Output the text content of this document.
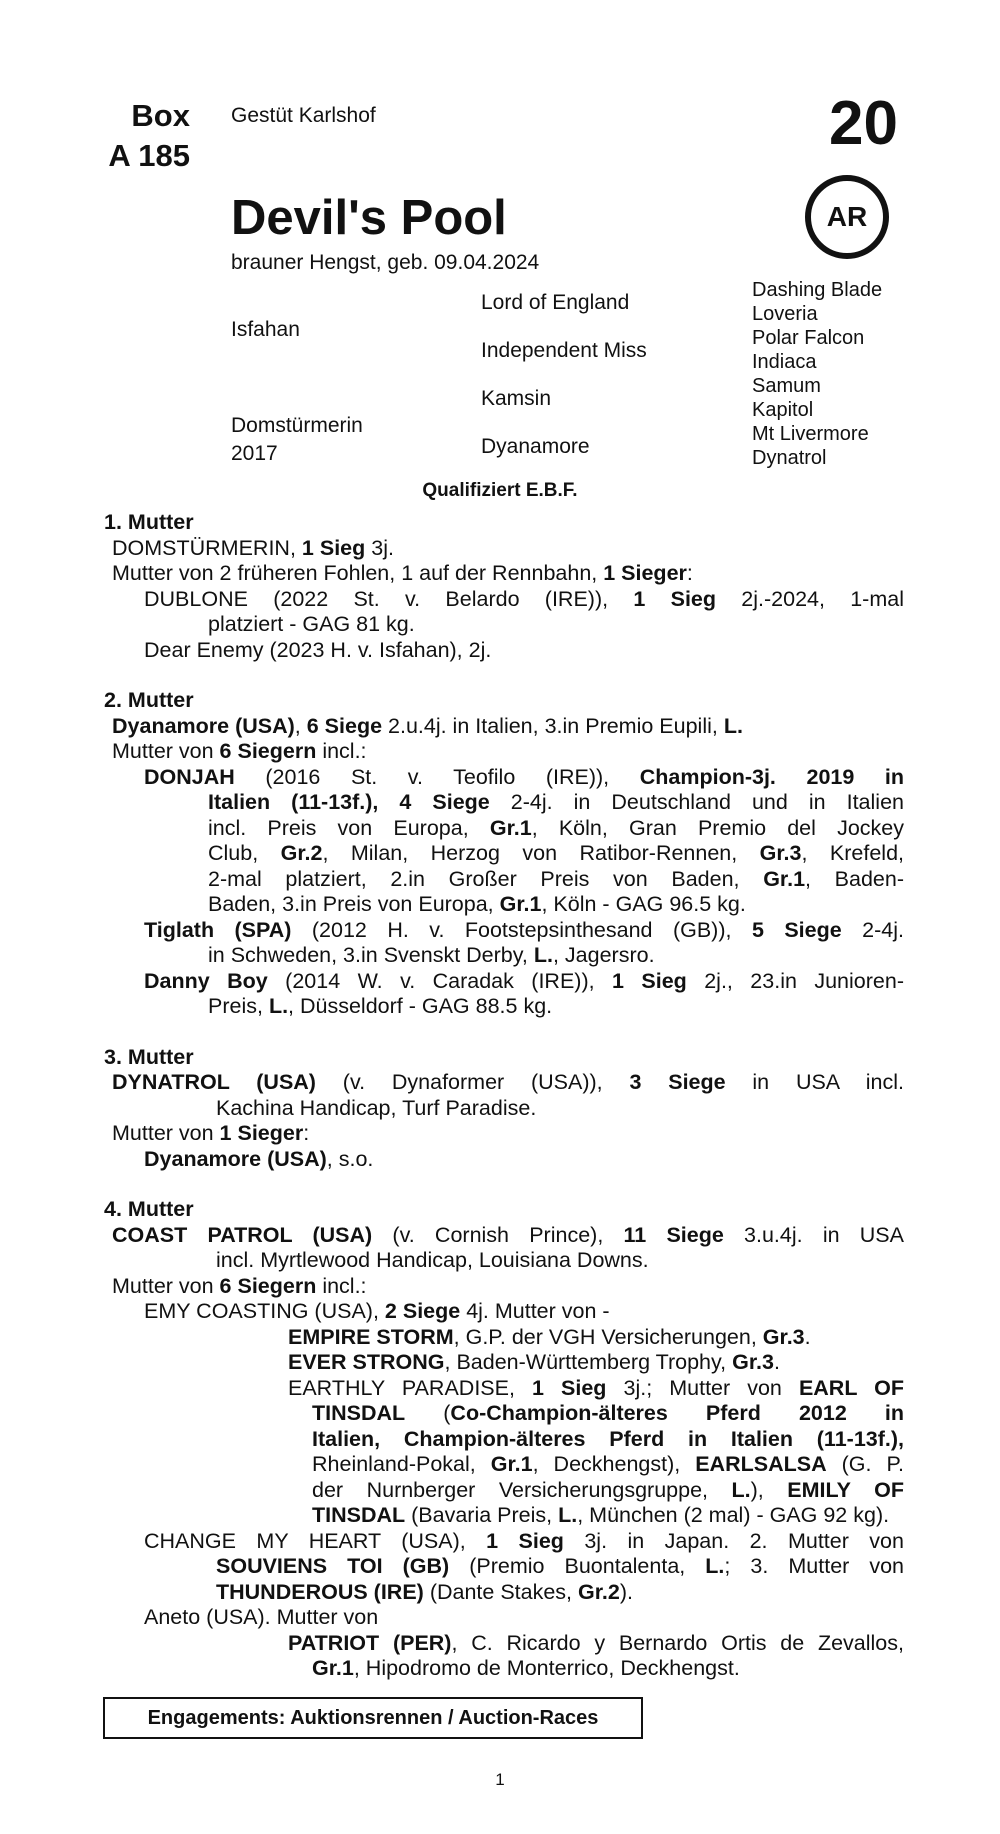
Box
A 185
Gestüt Karlshof	20
AR
Devil's Pool
brauner Hengst, geb. 09.04.2024
Isfahan
Domstürmerin
2017
Lord of England
Independent Miss
Kamsin
Dyanamore
Dashing Blade
Loveria
Polar Falcon
Indiaca
Samum
Kapitol
Mt Livermore
Dynatrol
Qualifiziert E.B.F.
1. Mutter
DOMSTÜRMERIN, 1 Sieg 3j.
Mutter von 2 früheren Fohlen, 1 auf der Rennbahn, 1 Sieger:
DUBLONE (2022 St. v. Belardo (IRE)), 1 Sieg 2j.-2024, 1-mal
platziert - GAG 81 kg.
Dear Enemy (2023 H. v. Isfahan), 2j.
2. Mutter
Dyanamore (USA), 6 Siege 2.u.4j. in Italien, 3.in Premio Eupili, L.
Mutter von 6 Siegern incl.:
DONJAH (2016 St. v. Teofilo (IRE)), Champion-3j. 2019 in
Italien (11-13f.), 4 Siege 2-4j. in Deutschland und in Italien
incl. Preis von Europa, Gr.1, Köln, Gran Premio del Jockey
Club, Gr.2, Milan, Herzog von Ratibor-Rennen, Gr.3, Krefeld,
2-mal platziert, 2.in Großer Preis von Baden, Gr.1, Baden-
Baden, 3.in Preis von Europa, Gr.1, Köln - GAG 96.5 kg.
Tiglath (SPA) (2012 H. v. Footstepsinthesand (GB)), 5 Siege 2-4j.
in Schweden, 3.in Svenskt Derby, L., Jagersro.
Danny Boy (2014 W. v. Caradak (IRE)), 1 Sieg 2j., 23.in Junioren-
Preis, L., Düsseldorf - GAG 88.5 kg.
3. Mutter
DYNATROL (USA) (v. Dynaformer (USA)), 3 Siege in USA incl.
Kachina Handicap, Turf Paradise.
Mutter von 1 Sieger:
Dyanamore (USA), s.o.
4. Mutter
COAST PATROL (USA) (v. Cornish Prince), 11 Siege 3.u.4j. in USA
incl. Myrtlewood Handicap, Louisiana Downs.
Mutter von 6 Siegern incl.:
EMY COASTING (USA), 2 Siege 4j. Mutter von -
EMPIRE STORM, G.P. der VGH Versicherungen, Gr.3.
EVER STRONG, Baden-Württemberg Trophy, Gr.3.
EARTHLY PARADISE, 1 Sieg 3j.; Mutter von EARL OF
TINSDAL (Co-Champion-älteres Pferd 2012 in
Italien, Champion-älteres Pferd in Italien (11-13f.),
Rheinland-Pokal, Gr.1, Deckhengst), EARLSALSA (G. P.
der Nurnberger Versicherungsgruppe, L.), EMILY OF
TINSDAL (Bavaria Preis, L., München (2 mal) - GAG 92 kg).
CHANGE MY HEART (USA), 1 Sieg 3j. in Japan. 2. Mutter von
SOUVIENS TOI (GB) (Premio Buontalenta, L.; 3. Mutter von
THUNDEROUS (IRE) (Dante Stakes, Gr.2).
Aneto (USA). Mutter von
PATRIOT (PER), C. Ricardo y Bernardo Ortis de Zevallos,
Gr.1, Hipodromo de Monterrico, Deckhengst.
Engagements: Auktionsrennen / Auction-Races
1
